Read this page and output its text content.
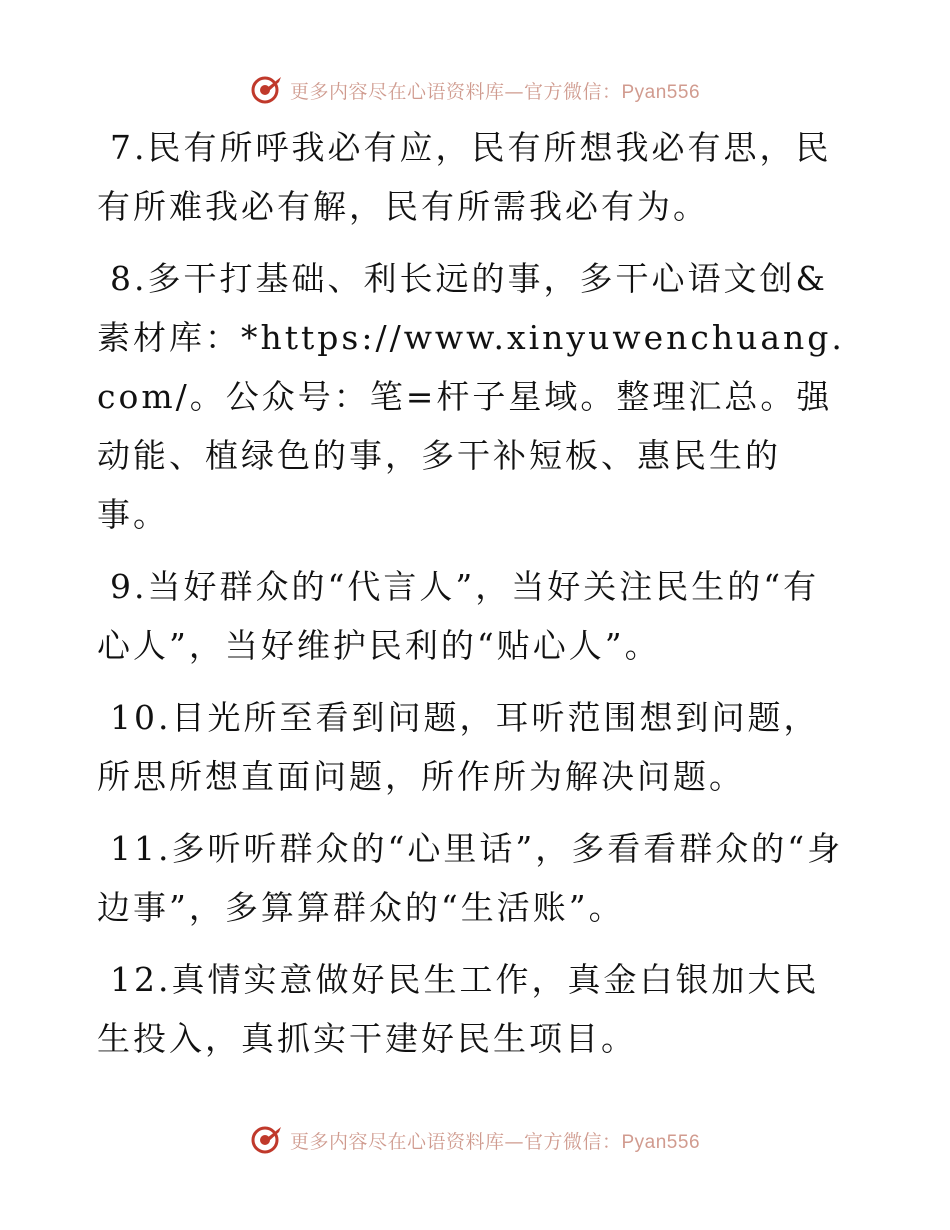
更多内容尽在心语资料库—官方微信：Pyan556

7.民有所呼我必有应，民有所想我必有思，民有所难我必有解，民有所需我必有为。

8.多干打基础、利长远的事，多干心语文创&素材库：*https://www.xinyuwenchuang.com/。公众号：笔=杆子星域。整理汇总。强动能、植绿色的事，多干补短板、惠民生的事。

9.当好群众的“代言人”，当好关注民生的“有心人”，当好维护民利的“贴心人”。

10.目光所至看到问题，耳听范围想到问题，所思所想直面问题，所作所为解决问题。

11.多听听群众的“心里话”，多看看群众的“身边事”，多算算群众的“生活账”。

12.真情实意做好民生工作，真金白银加大民生投入，真抓实干建好民生项目。

更多内容尽在心语资料库—官方微信：Pyan556
